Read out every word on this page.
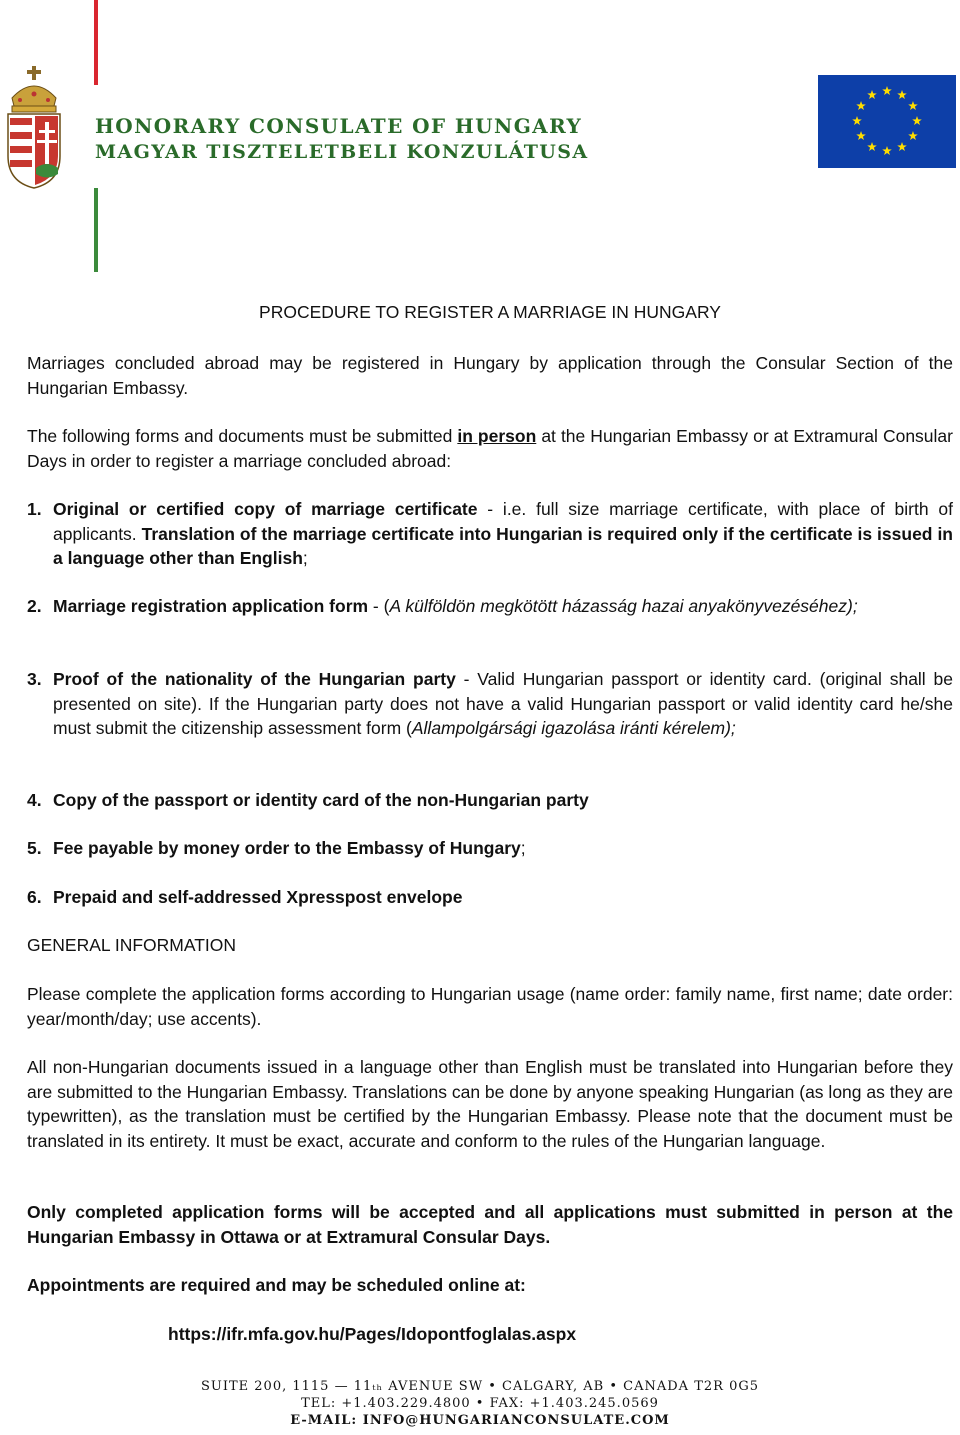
HONORARY CONSULATE OF HUNGARY
MAGYAR TISZTELETBELI KONZULÁTUSA

PROCEDURE TO REGISTER A MARRIAGE IN HUNGARY

Marriages concluded abroad may be registered in Hungary by application through the Consular Section of the Hungarian Embassy.

The following forms and documents must be submitted in person at the Hungarian Embassy or at Extramural Consular Days in order to register a marriage concluded abroad:

1. Original or certified copy of marriage certificate - i.e. full size marriage certificate, with place of birth of applicants. Translation of the marriage certificate into Hungarian is required only if the certificate is issued in a language other than English;

2. Marriage registration application form - (A külföldön megkötött házasság hazai anyakönyvezéséhez);

3. Proof of the nationality of the Hungarian party - Valid Hungarian passport or identity card. (original shall be presented on site). If the Hungarian party does not have a valid Hungarian passport or valid identity card he/she must submit the citizenship assessment form (Allampolgársági igazolása iránti kérelem);

4. Copy of the passport or identity card of the non-Hungarian party

5. Fee payable by money order to the Embassy of Hungary;

6. Prepaid and self-addressed Xpresspost envelope

GENERAL INFORMATION

Please complete the application forms according to Hungarian usage (name order: family name, first name; date order: year/month/day; use accents).

All non-Hungarian documents issued in a language other than English must be translated into Hungarian before they are submitted to the Hungarian Embassy. Translations can be done by anyone speaking Hungarian (as long as they are typewritten), as the translation must be certified by the Hungarian Embassy. Please note that the document must be translated in its entirety. It must be exact, accurate and conform to the rules of the Hungarian language.

Only completed application forms will be accepted and all applications must submitted in person at the Hungarian Embassy in Ottawa or at Extramural Consular Days.

Appointments are required and may be scheduled online at:

https://ifr.mfa.gov.hu/Pages/Idopontfoglalas.aspx

SUITE 200, 1115 — 11ₜₕ AVENUE SW • CALGARY, AB • CANADA T2R 0G5
TEL: +1.403.229.4800 • FAX: +1.403.245.0569
E-MAIL: INFO@HUNGARIANCONSULATE.COM
